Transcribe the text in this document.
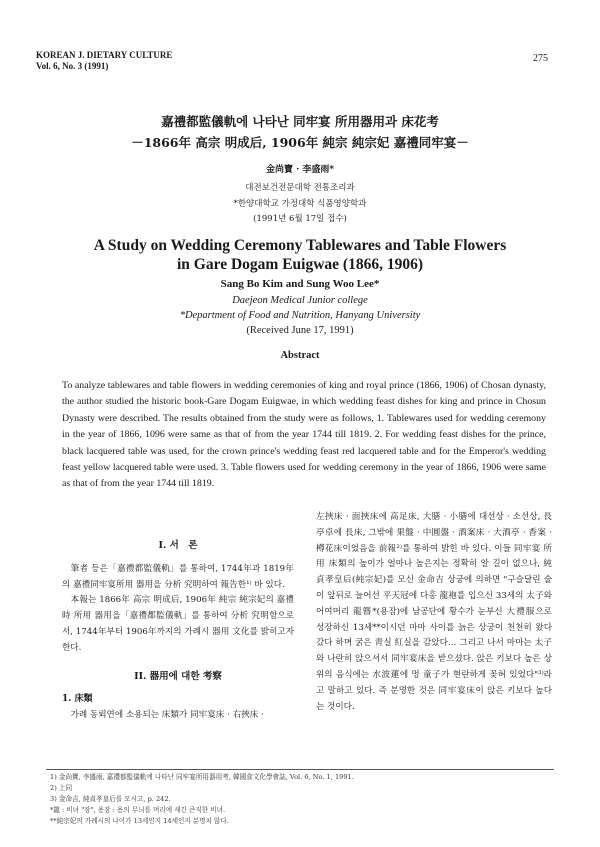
KOREAN J. DIETARY CULTURE
Vol. 6, No. 3 (1991)
275
嘉禮都監儀軌에 나타난 同牢宴 所用器用과 床花考
－1866年 高宗 明成后, 1906年 純宗 純宗妃 嘉禮同牢宴－
金尚寶 · 李盛雨*
대전보건전문대학 전통조리과
*한양대학교 가정대학 식품영양학과
(1991년 6월 17일 접수)
A Study on Wedding Ceremony Tablewares and Table Flowers
in Gare Dogam Euigwae (1866, 1906)
Sang Bo Kim and Sung Woo Lee*
Daejeon Medical Junior college
*Department of Food and Nutrition, Hanyang University
(Received June 17, 1991)
Abstract
To analyze tablewares and table flowers in wedding ceremonies of king and royal prince (1866, 1906) of Chosan dynasty, the author studied the historic book-Gare Dogam Euigwae, in which wedding feast dishes for king and prince in Chosun Dynasty were described. The results obtained from the study were as follows, 1. Tablewares used for wedding ceremony in the year of 1866, 1096 were same as that of from the year 1744 till 1819. 2. For wedding feast dishes for the prince, black lacquered table was used, for the crown prince's wedding feast red lacquered table and for the Emperor's wedding feast yellow lacquered table were used. 3. Table flowers used for wedding ceremony in the year of 1866, 1906 were same as that of from the year 1744 till 1819.
I. 서　론

筆者 등은「嘉禮都監儀軌」를 통하여, 1744年과 1819年의 嘉禮同牢宴所用 器用을 分析 究明하여 報告한¹⁾ 바 있다.

本報는 1866年 高宗 明成后, 1906年 純宗 純宗妃의 嘉禮時 所用 器用을「嘉禮都監儀軌」를 통하여 分析 究明함으로서, 1744年부터 1906年까지의 가례시 器用 文化를 밝히고자 한다.

II. 器用에 대한 考察
1. 床類

가례 동뢰연에 소용되는 床類가 同牢宴床 · 右挾床 ·

左挾床 · 面挾床에 高足床, 大膳 · 小膳에 대선상 · 소선상, 長亭卓에 長床, 그밖에 果盤 · 中圓盤 · 酒案床 · 大酒亭 · 香案 · 樽花床이었음을 前報²⁾를 통하여 밝힌 바 있다. 이들 同牢宴 所用 床類의 높이가 얼마나 높은지는 정확히 알 길이 없으나, 純貞孝皇后(純宗妃)를 모신 金命吉 상궁에 의하면 "구슬달린 술이 앞뒤로 늘어선 平天冠에 다홍 龍袍를 입으신 33세의 太子와 어여머리 龍簪*(용잠)에 남공단에 황수가 눈부신 大禮服으로 성장하신 13세**이시던 마마 사이를 늙은 상궁이 천천히 왔다 갔다 하며 굵은 靑실 紅실을 감았다… 그리고 나서 마마는 太子와 나란히 앉으셔서 同牢宴床을 받으셨다. 앉은 키보다 높은 상위의 음식에는 水波蓮에 멍 童子가 현란하게 꽂혀 있었다"³⁾라고 말하고 있다. 즉 분명한 것은 同牢宴床이 앉은 키보다 높다는 것이다.
1) 金尚寶, 李盛雨, 嘉禮都監儀軌에 나타난 同牢宴所用器用考, 韓國食文化學會誌, Vol. 6, No. 1, 1991.
2) 上同
3) 金命吉, 純貞孝皇后를 모시고, p. 242.
*龍 : 비녀 "잠", 용잠 : 용의 무늬를 머리에 새긴 큰직한 비녀.
**純宗妃의 가례시의 나이가 13세인지 14세인지 분명치 않다.
